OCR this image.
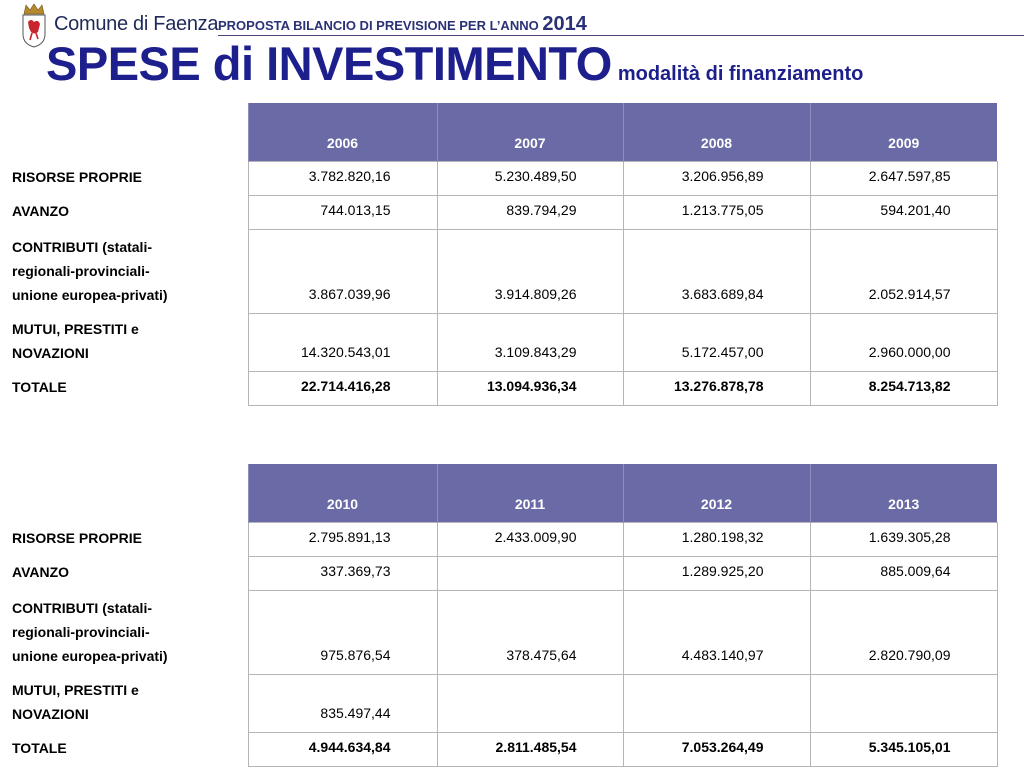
Comune di Faenza PROPOSTA BILANCIO DI PREVISIONE PER L’ANNO 2014
SPESE di INVESTIMENTO modalità di finanziamento
	2006	2007	2008	2009
RISORSE PROPRIE	3.782.820,16	5.230.489,50	3.206.956,89	2.647.597,85
AVANZO	744.013,15	839.794,29	1.213.775,05	594.201,40

CONTRIBUTI (statali-
regionali-provinciali-
unione europea-privati)	3.867.039,96	3.914.809,26	3.683.689,84	2.052.914,57

MUTUI, PRESTITI e
NOVAZIONI	14.320.543,01	3.109.843,29	5.172.457,00	2.960.000,00
TOTALE	22.714.416,28	13.094.936,34	13.276.878,78	8.254.713,82
	2010	2011	2012	2013
RISORSE PROPRIE	2.795.891,13	2.433.009,90	1.280.198,32	1.639.305,28
AVANZO	337.369,73		1.289.925,20	885.009,64

CONTRIBUTI (statali-
regionali-provinciali-
unione europea-privati)	975.876,54	378.475,64	4.483.140,97	2.820.790,09

MUTUI, PRESTITI e
NOVAZIONI	835.497,44			
TOTALE	4.944.634,84	2.811.485,54	7.053.264,49	5.345.105,01
